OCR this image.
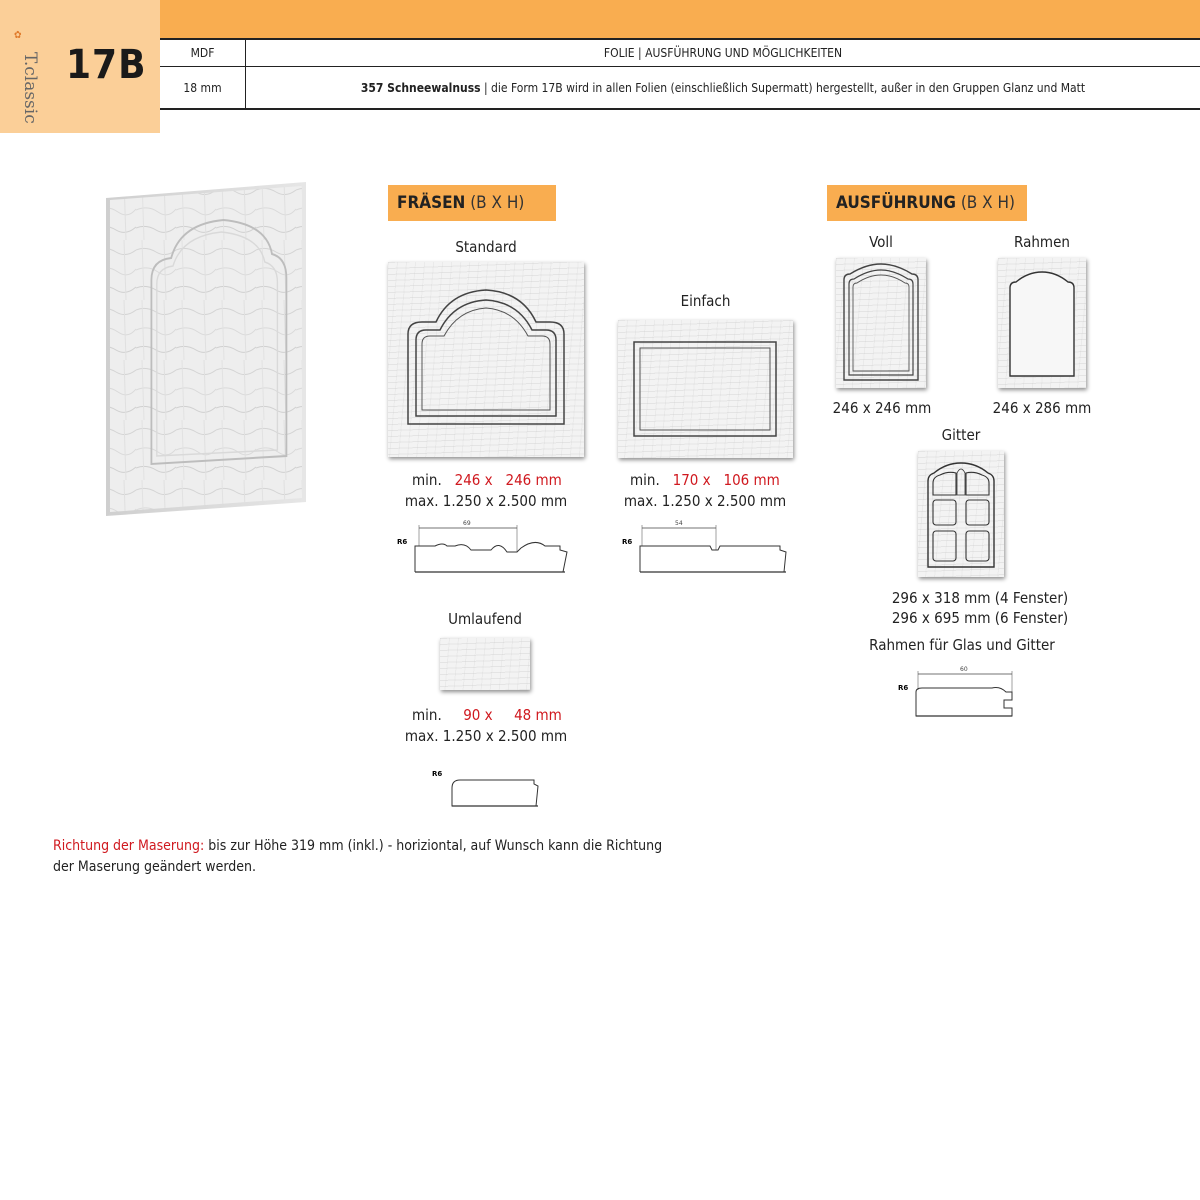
✿
T.classic 17B	MDF	FOLIE | AUSFÜHRUNG UND MÖGLICHKEITEN
18 mm	357 Schneewalnuss | die Form 17B wird in allen Folien (einschließlich Supermatt) hergestellt, außer in den Gruppen Glanz und Matt
FRÄSEN (B X H)
Standard
min. 246 x 246 mm
max. 1.250 x 2.500 mm
R6
69
Einfach
min. 170 x 106 mm
max. 1.250 x 2.500 mm
R6
54
Umlaufend
min. 90 x 48 mm
max. 1.250 x 2.500 mm
R6
AUSFÜHRUNG (B X H)
Voll
246 x 246 mm
Rahmen
246 x 286 mm
Gitter
296 x 318 mm (4 Fenster)
296 x 695 mm (6 Fenster)
Rahmen für Glas und Gitter
R6
60
Richtung der Maserung: bis zur Höhe 319 mm (inkl.) - horiziontal, auf Wunsch kann die Richtung
der Maserung geändert werden.
